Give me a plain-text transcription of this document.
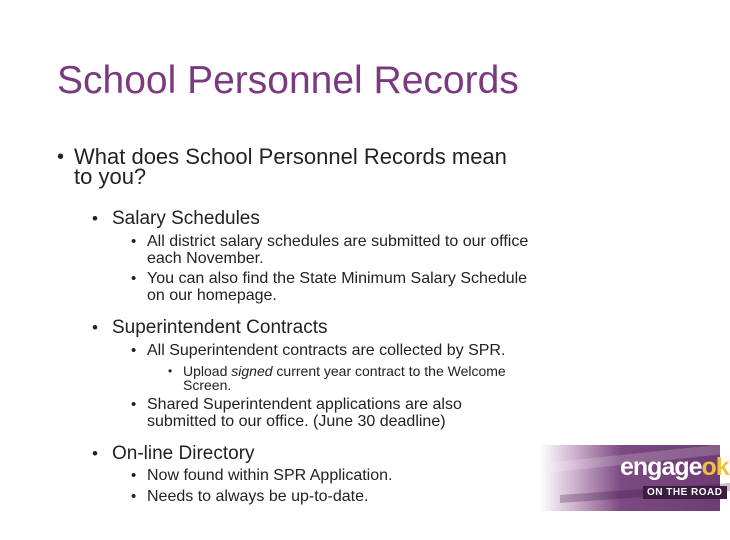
School Personnel Records
• What does School Personnel Records mean
to you?
• Salary Schedules
• All district salary schedules are submitted to our office
each November.
• You can also find the State Minimum Salary Schedule
on our homepage.
• Superintendent Contracts
• All Superintendent contracts are collected by SPR.
• Upload signed current year contract to the Welcome
Screen.
• Shared Superintendent applications are also
submitted to our office. (June 30 deadline)
• On-line Directory
• Now found within SPR Application.
• Needs to always be up-to-date.
engageok
ON THE ROAD
